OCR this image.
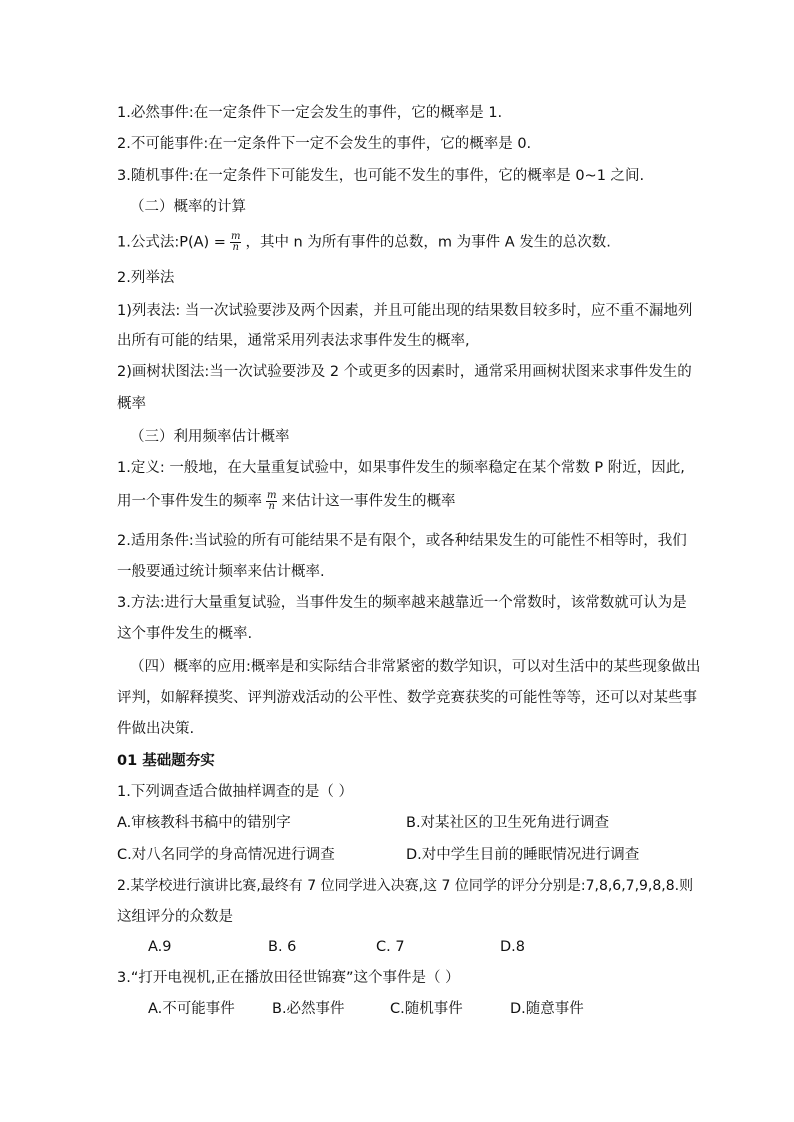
1.必然事件:在一定条件下一定会发生的事件，它的概率是 1.
2.不可能事件:在一定条件下一定不会发生的事件，它的概率是 0.
3.随机事件:在一定条件下可能发生，也可能不发生的事件，它的概率是 0~1 之间.
（二）概率的计算
1.公式法:P(A) = $\frac{m}{n}$ ，其中 n 为所有事件的总数，m 为事件 A 发生的总次数.
2.列举法
1)列表法: 当一次试验要涉及两个因素，并且可能出现的结果数目较多时，应不重不漏地列
出所有可能的结果，通常采用列表法求事件发生的概率,
2)画树状图法:当一次试验要涉及 2 个或更多的因素时，通常采用画树状图来求事件发生的
概率
（三）利用频率估计概率
1.定义: 一般地，在大量重复试验中，如果事件发生的频率稳定在某个常数 P 附近，因此,
用一个事件发生的频率 $\frac{m}{n}$ 来估计这一事件发生的概率
2.适用条件:当试验的所有可能结果不是有限个，或各种结果发生的可能性不相等时，我们
一般要通过统计频率来估计概率.
3.方法:进行大量重复试验，当事件发生的频率越来越靠近一个常数时，该常数就可认为是
这个事件发生的概率.
（四）概率的应用:概率是和实际结合非常紧密的数学知识，可以对生活中的某些现象做出
评判，如解释摸奖、评判游戏活动的公平性、数学竞赛获奖的可能性等等，还可以对某些事
件做出决策.
01 基础题夯实
1.下列调查适合做抽样调查的是（ ）
A.审核教科书稿中的错别字	B.对某社区的卫生死角进行调查
C.对八名同学的身高情况进行调查	D.对中学生目前的睡眠情况进行调查
2.某学校进行演讲比赛,最终有 7 位同学进入决赛,这 7 位同学的评分分别是:7,8,6,7,9,8,8.则
这组评分的众数是
A.9	B. 6	C. 7	D.8
3.“打开电视机,正在播放田径世锦赛”这个事件是（ ）
A.不可能事件	B.必然事件	C.随机事件	D.随意事件
